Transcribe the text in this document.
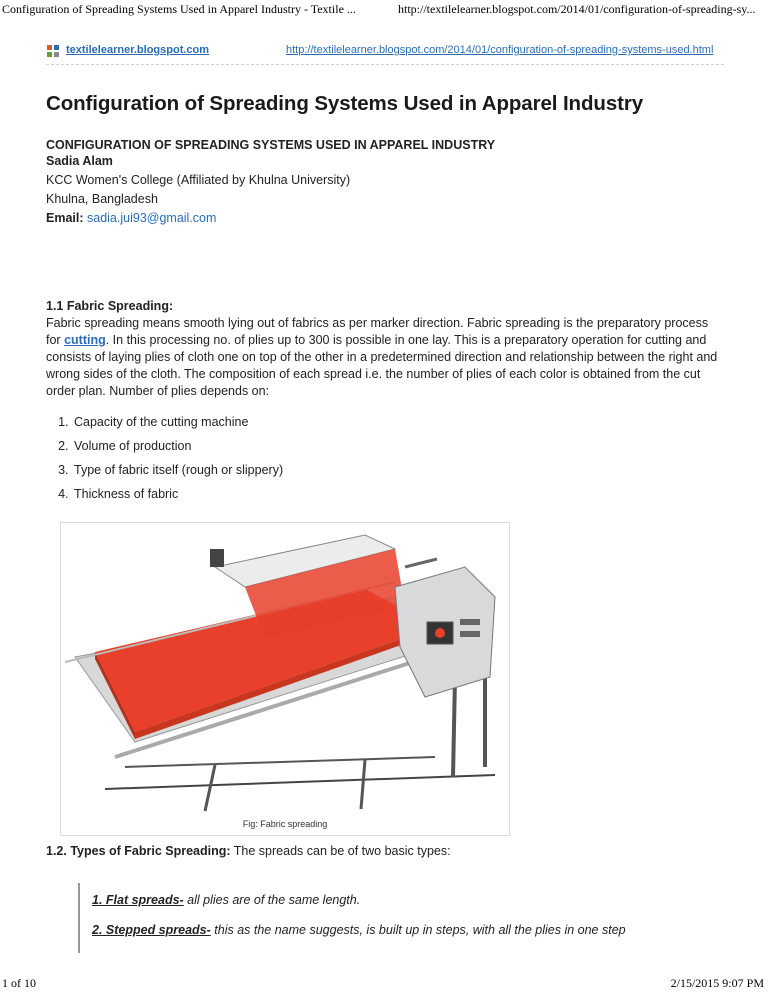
Configuration of Spreading Systems Used in Apparel Industry - Textile ...	http://textilelearner.blogspot.com/2014/01/configuration-of-spreading-sy...
textilelearner.blogspot.com	http://textilelearner.blogspot.com/2014/01/configuration-of-spreading-systems-used.html
Configuration of Spreading Systems Used in Apparel Industry
CONFIGURATION OF SPREADING SYSTEMS USED IN APPAREL INDUSTRY
Sadia Alam
KCC Women's College (Affiliated by Khulna University)
Khulna, Bangladesh
Email: sadia.jui93@gmail.com
1.1 Fabric Spreading:

Fabric spreading means smooth lying out of fabrics as per marker direction. Fabric spreading is the preparatory process for cutting. In this processing no. of plies up to 300 is possible in one lay. This is a preparatory operation for cutting and consists of laying plies of cloth one on top of the other in a predetermined direction and relationship between the right and wrong sides of the cloth. The composition of each spread i.e. the number of plies of each color is obtained from the cut order plan. Number of plies depends on:

1. Capacity of the cutting machine
2. Volume of production
3. Type of fabric itself (rough or slippery)
4. Thickness of fabric
Fig: Fabric spreading
1.2. Types of Fabric Spreading: The spreads can be of two basic types:
1. Flat spreads- all plies are of the same length.
2. Stepped spreads- this as the name suggests, is built up in steps, with all the plies in one step
1 of 10	2/15/2015 9:07 PM
